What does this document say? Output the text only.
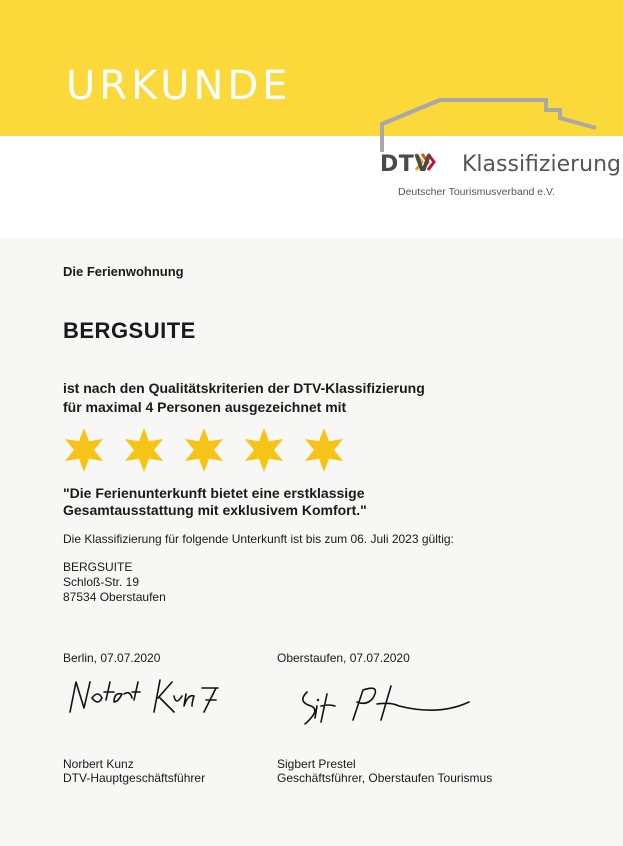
URKUNDE
DTV Klassifizierung
Deutscher Tourismusverband e.V.

Die Ferienwohnung

BERGSUITE

ist nach den Qualitätskriterien der DTV-Klassifizierung

für maximal 4 Personen ausgezeichnet mit

"Die Ferienunterkunft bietet eine erstklassige

Gesamtausstattung mit exklusivem Komfort."

Die Klassifizierung für folgende Unterkunft ist bis zum 06. Juli 2023 gültig:

BERGSUITE

Schloß-Str. 19

87534 Oberstaufen

Berlin, 07.07.2020	Oberstaufen, 07.07.2020

Norbert Kunz

DTV-Hauptgeschäftsführer

Sigbert Prestel

Geschäftsführer, Oberstaufen Tourismus
